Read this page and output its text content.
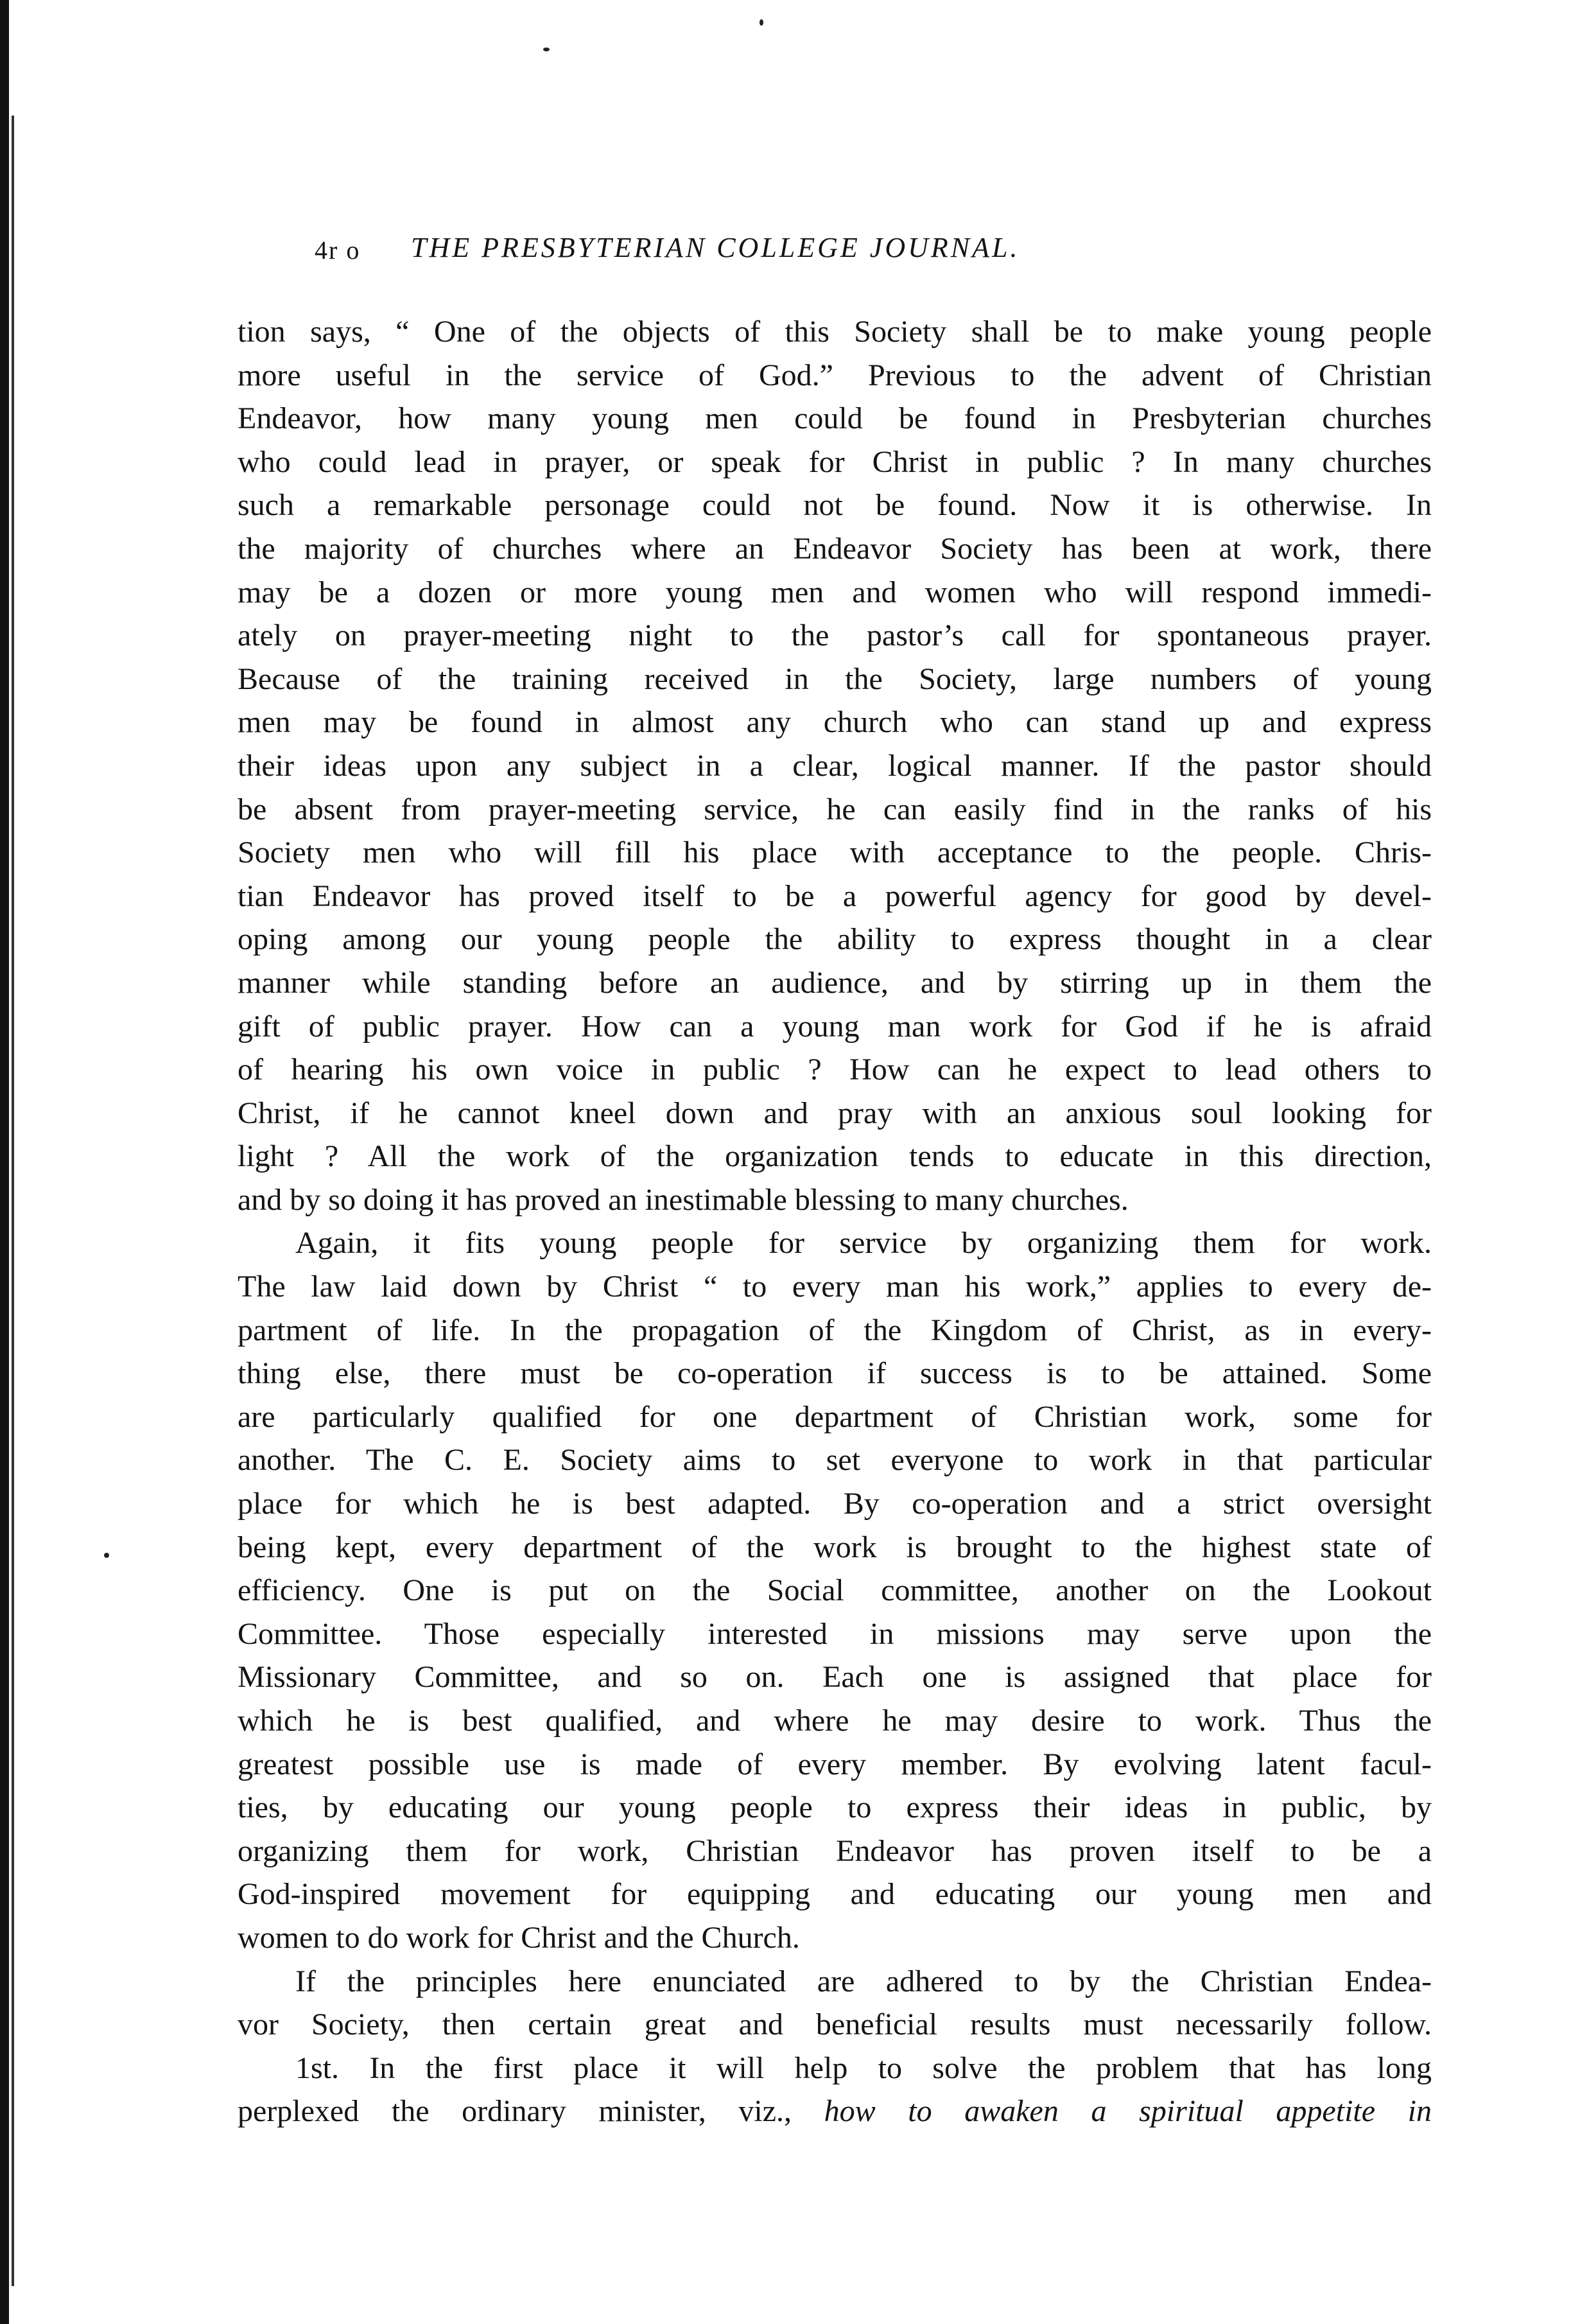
4r o THE PRESBYTERIAN COLLEGE JOURNAL.
tion says, “ One of the objects of this Society shall be to make young people
more useful in the service of God.” Previous to the advent of Christian
Endeavor, how many young men could be found in Presbyterian churches
who could lead in prayer, or speak for Christ in public ? In many churches
such a remarkable personage could not be found. Now it is otherwise. In
the majority of churches where an Endeavor Society has been at work, there
may be a dozen or more young men and women who will respond immedi-
ately on prayer-meeting night to the pastor’s call for spontaneous prayer.
Because of the training received in the Society, large numbers of young
men may be found in almost any church who can stand up and express
their ideas upon any subject in a clear, logical manner. If the pastor should
be absent from prayer-meeting service, he can easily find in the ranks of his
Society men who will fill his place with acceptance to the people. Chris-
tian Endeavor has proved itself to be a powerful agency for good by devel-
oping among our young people the ability to express thought in a clear
manner while standing before an audience, and by stirring up in them the
gift of public prayer. How can a young man work for God if he is afraid
of hearing his own voice in public ? How can he expect to lead others to
Christ, if he cannot kneel down and pray with an anxious soul looking for
light ? All the work of the organization tends to educate in this direction,
and by so doing it has proved an inestimable blessing to many churches.
Again, it fits young people for service by organizing them for work.
The law laid down by Christ “ to every man his work,” applies to every de-
partment of life. In the propagation of the Kingdom of Christ, as in every-
thing else, there must be co-operation if success is to be attained. Some
are particularly qualified for one department of Christian work, some for
another. The C. E. Society aims to set everyone to work in that particular
place for which he is best adapted. By co-operation and a strict oversight
being kept, every department of the work is brought to the highest state of
efficiency. One is put on the Social committee, another on the Lookout
Committee. Those especially interested in missions may serve upon the
Missionary Committee, and so on. Each one is assigned that place for
which he is best qualified, and where he may desire to work. Thus the
greatest possible use is made of every member. By evolving latent facul-
ties, by educating our young people to express their ideas in public, by
organizing them for work, Christian Endeavor has proven itself to be a
God-inspired movement for equipping and educating our young men and
women to do work for Christ and the Church.
If the principles here enunciated are adhered to by the Christian Endea-
vor Society, then certain great and beneficial results must necessarily follow.
1st. In the first place it will help to solve the problem that has long
perplexed the ordinary minister, viz., how to awaken a spiritual appetite in
